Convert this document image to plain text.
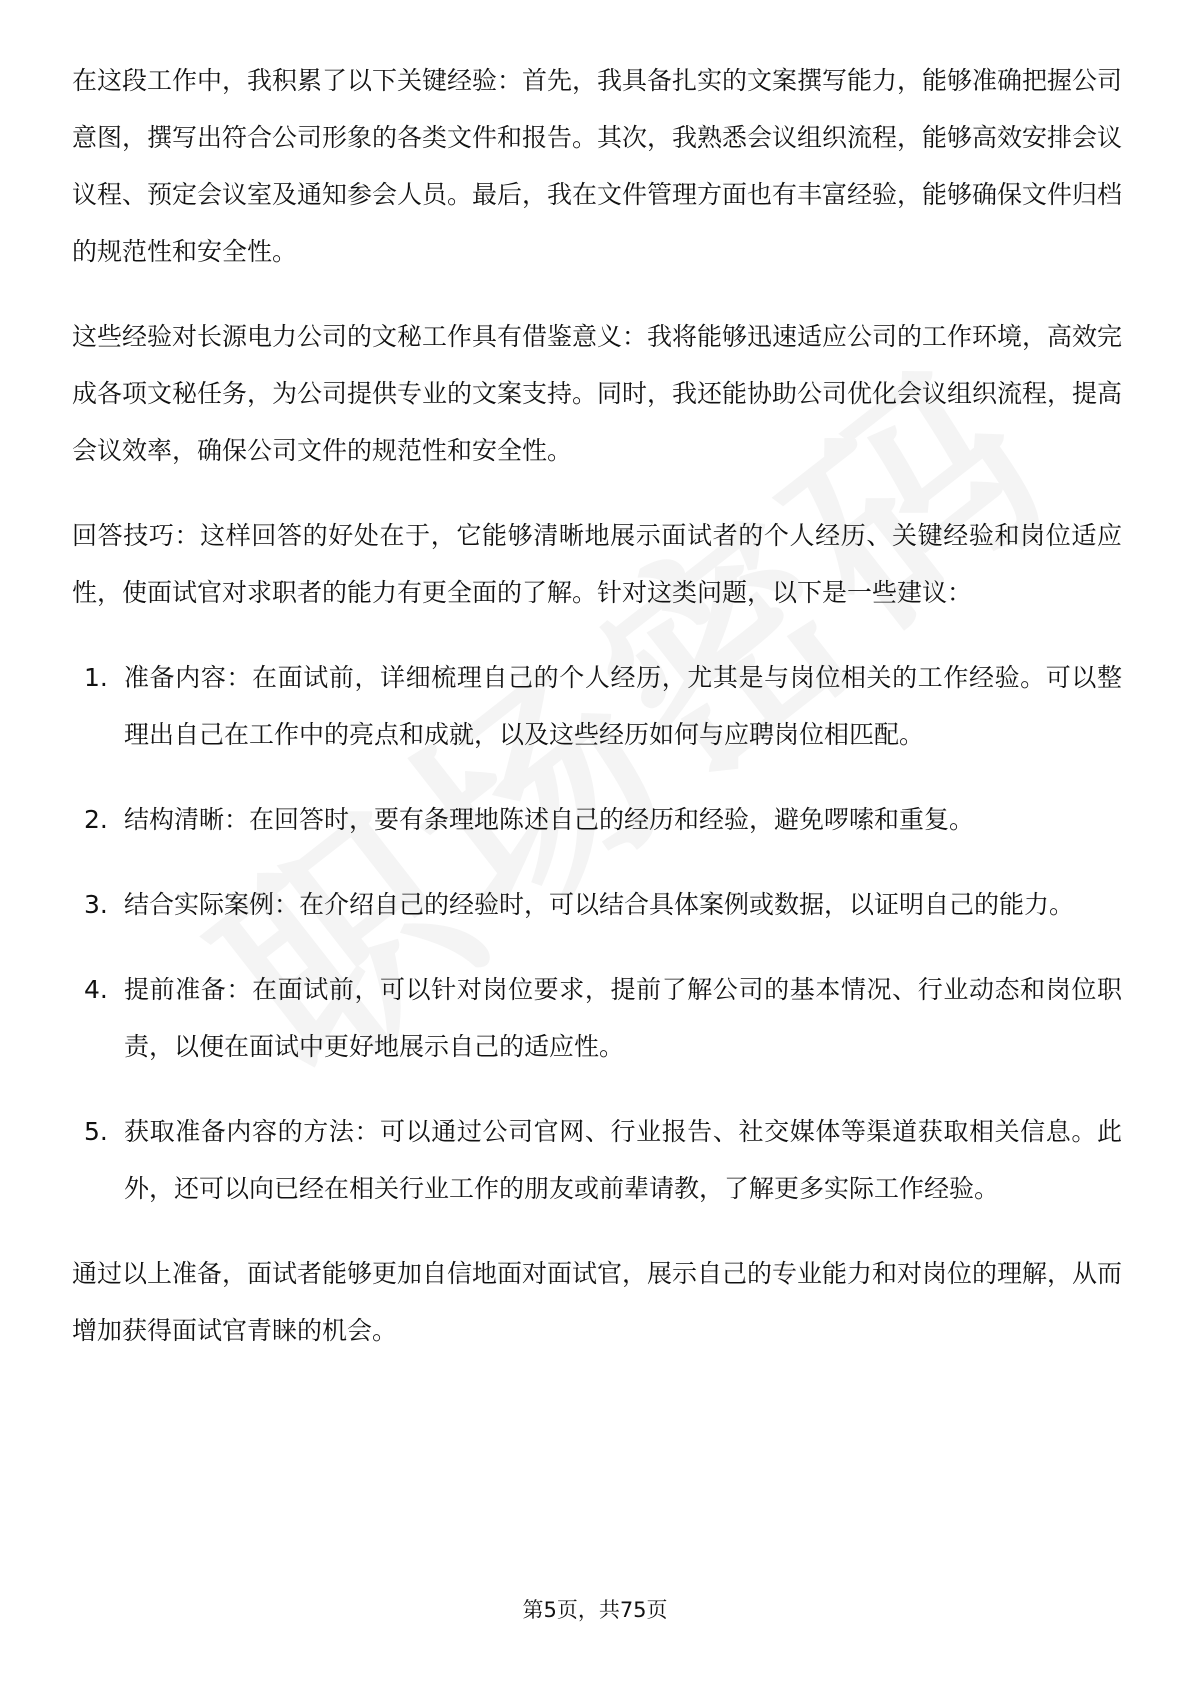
在这段工作中，我积累了以下关键经验：首先，我具备扎实的文案撰写能力，能够准确把握公司意图，撰写出符合公司形象的各类文件和报告。其次，我熟悉会议组织流程，能够高效安排会议议程、预定会议室及通知参会人员。最后，我在文件管理方面也有丰富经验，能够确保文件归档的规范性和安全性。

这些经验对长源电力公司的文秘工作具有借鉴意义：我将能够迅速适应公司的工作环境，高效完成各项文秘任务，为公司提供专业的文案支持。同时，我还能协助公司优化会议组织流程，提高会议效率，确保公司文件的规范性和安全性。

回答技巧：这样回答的好处在于，它能够清晰地展示面试者的个人经历、关键经验和岗位适应性，使面试官对求职者的能力有更全面的了解。针对这类问题，以下是一些建议：

1. 准备内容：在面试前，详细梳理自己的个人经历，尤其是与岗位相关的工作经验。可以整理出自己在工作中的亮点和成就，以及这些经历如何与应聘岗位相匹配。
2. 结构清晰：在回答时，要有条理地陈述自己的经历和经验，避免啰嗦和重复。
3. 结合实际案例：在介绍自己的经验时，可以结合具体案例或数据，以证明自己的能力。
4. 提前准备：在面试前，可以针对岗位要求，提前了解公司的基本情况、行业动态和岗位职责，以便在面试中更好地展示自己的适应性。
5. 获取准备内容的方法：可以通过公司官网、行业报告、社交媒体等渠道获取相关信息。此外，还可以向已经在相关行业工作的朋友或前辈请教，了解更多实际工作经验。

通过以上准备，面试者能够更加自信地面对面试官，展示自己的专业能力和对岗位的理解，从而增加获得面试官青睐的机会。

第5页，共75页
